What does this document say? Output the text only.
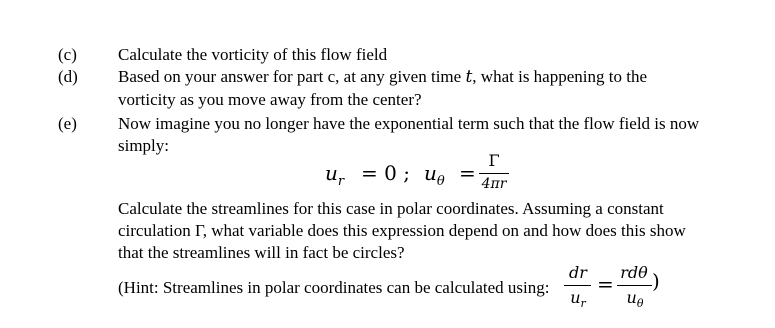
(c) Calculate the vorticity of this flow field
(d) Based on your answer for part c, at any given time t, what is happening to the
vorticity as you move away from the center?
(e) Now imagine you no longer have the exponential term such that the flow field is now
simply:
$u_r = 0$ ; $u_\theta$ =
Γ
4πr
Calculate the streamlines for this case in polar coordinates. Assuming a constant
circulation Γ, what variable does this expression depend on and how does this show
that the streamlines will in fact be circles?
(Hint: Streamlines in polar coordinates can be calculated using:
dr
$u_r$
= rdθ
$u_\theta$
)
